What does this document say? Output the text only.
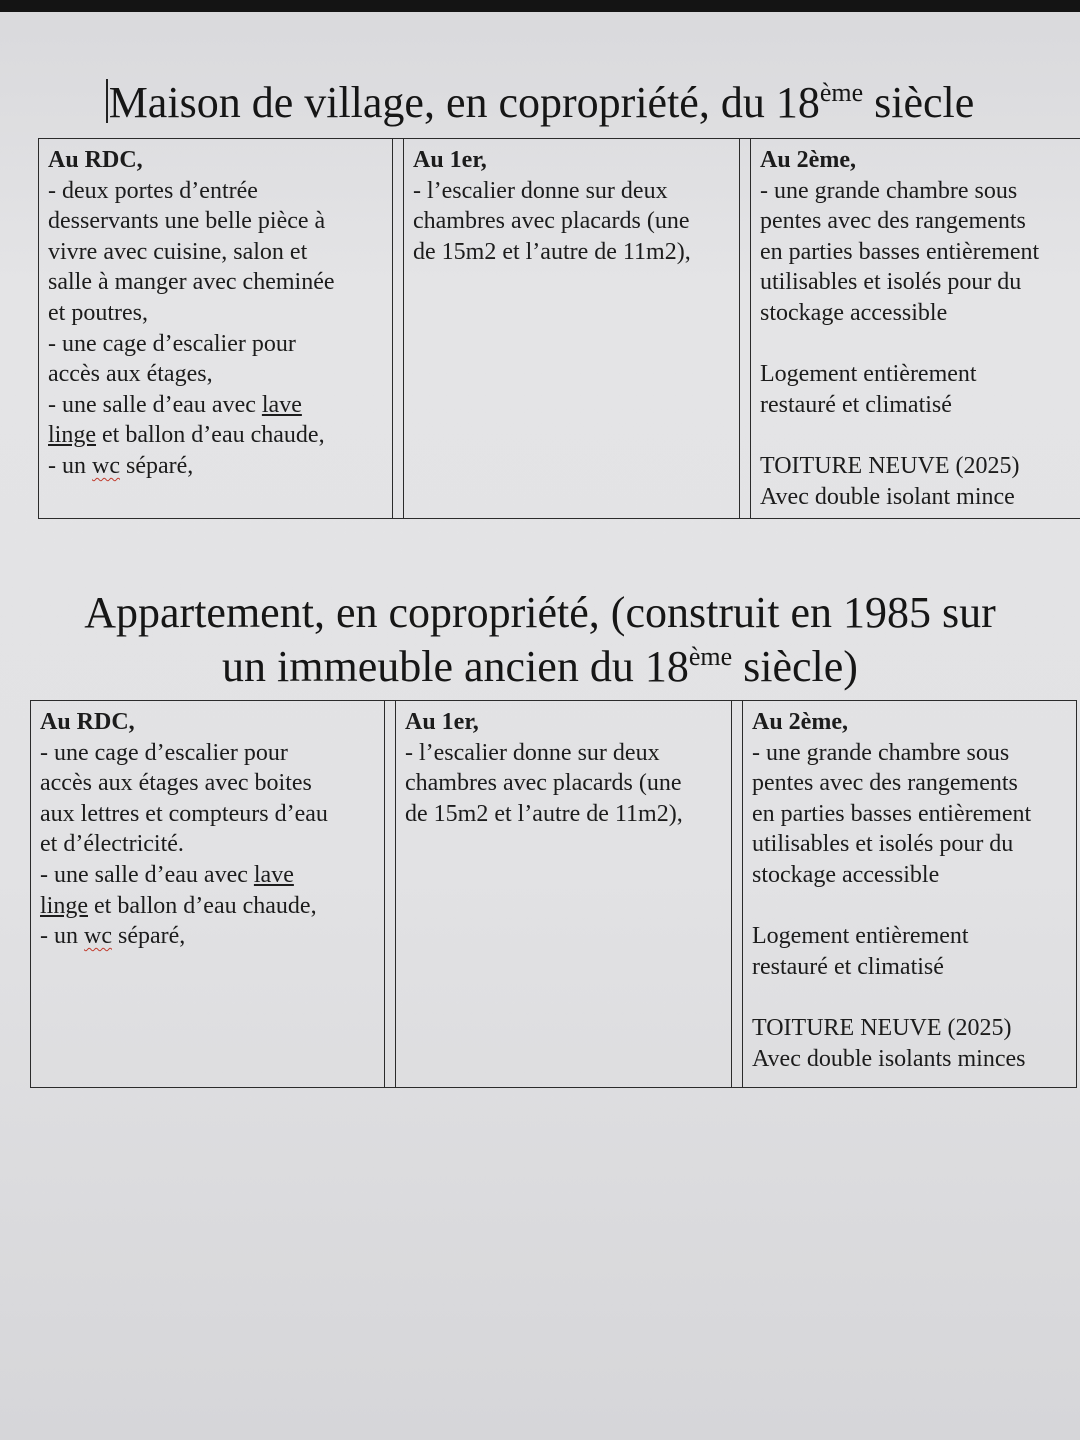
Maison de village, en copropriété, du 18ème siècle
Au RDC,
- deux portes d’entrée
desservants une belle pièce à
vivre avec cuisine, salon et
salle à manger avec cheminée
et poutres,
- une cage d’escalier pour
accès aux étages,
- une salle d’eau avec lave
linge et ballon d’eau chaude,
- un wc séparé,

Au 1er,
- l’escalier donne sur deux
chambres avec placards (une
de 15m2 et l’autre de 11m2),

Au 2ème,
- une grande chambre sous
pentes avec des rangements
en parties basses entièrement
utilisables et isolés pour du
stockage accessible
Logement entièrement
restauré et climatisé
TOITURE NEUVE (2025)
Avec double isolant mince
Appartement, en copropriété, (construit en 1985 sur
un immeuble ancien du 18ème siècle)
Au RDC,
- une cage d’escalier pour
accès aux étages avec boites
aux lettres et compteurs d’eau
et d’électricité.
- une salle d’eau avec lave
linge et ballon d’eau chaude,
- un wc séparé,

Au 1er,
- l’escalier donne sur deux
chambres avec placards (une
de 15m2 et l’autre de 11m2),

Au 2ème,
- une grande chambre sous
pentes avec des rangements
en parties basses entièrement
utilisables et isolés pour du
stockage accessible
Logement entièrement
restauré et climatisé
TOITURE NEUVE (2025)
Avec double isolants minces
